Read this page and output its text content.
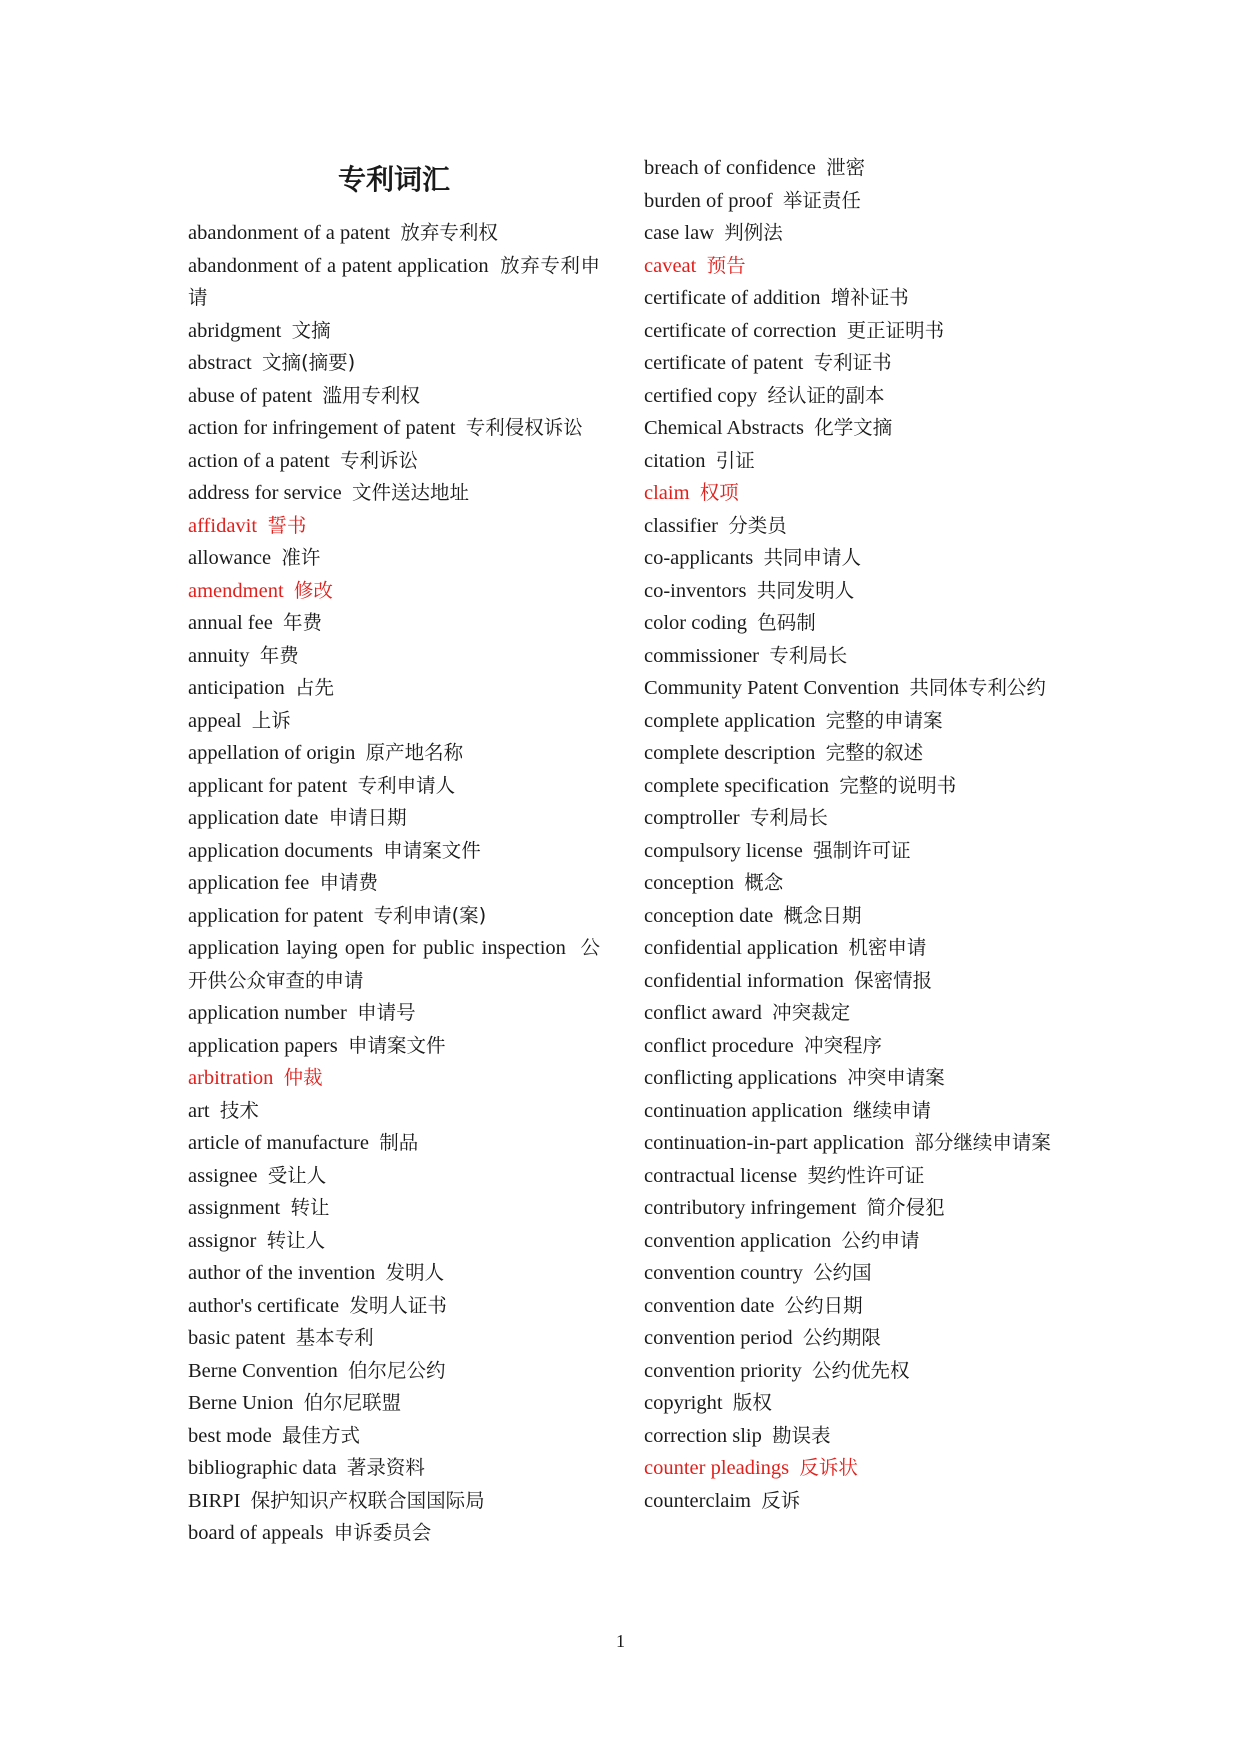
专利词汇
abandonment of a patent 放弃专利权
abandonment of a patent application 放弃专利申请
abridgment 文摘
abstract 文摘(摘要)
abuse of patent 滥用专利权
action for infringement of patent 专利侵权诉讼
action of a patent 专利诉讼
address for service 文件送达地址
affidavit 誓书
allowance 准许
amendment 修改
annual fee 年费
annuity 年费
anticipation 占先
appeal 上诉
appellation of origin 原产地名称
applicant for patent 专利申请人
application date 申请日期
application documents 申请案文件
application fee 申请费
application for patent 专利申请(案)
application laying open for public inspection 公开供公众审查的申请
application number 申请号
application papers 申请案文件
arbitration 仲裁
art 技术
article of manufacture 制品
assignee 受让人
assignment 转让
assignor 转让人
author of the invention 发明人
author's certificate 发明人证书
basic patent 基本专利
Berne Convention 伯尔尼公约
Berne Union 伯尔尼联盟
best mode 最佳方式
bibliographic data 著录资料
BIRPI 保护知识产权联合国国际局
board of appeals 申诉委员会
breach of confidence 泄密
burden of proof 举证责任
case law 判例法
caveat 预告
certificate of addition 增补证书
certificate of correction 更正证明书
certificate of patent 专利证书
certified copy 经认证的副本
Chemical Abstracts 化学文摘
citation 引证
claim 权项
classifier 分类员
co-applicants 共同申请人
co-inventors 共同发明人
color coding 色码制
commissioner 专利局长
Community Patent Convention 共同体专利公约
complete application 完整的申请案
complete description 完整的叙述
complete specification 完整的说明书
comptroller 专利局长
compulsory license 强制许可证
conception 概念
conception date 概念日期
confidential application 机密申请
confidential information 保密情报
conflict award 冲突裁定
conflict procedure 冲突程序
conflicting applications 冲突申请案
continuation application 继续申请
continuation-in-part application 部分继续申请案
contractual license 契约性许可证
contributory infringement 简介侵犯
convention application 公约申请
convention country 公约国
convention date 公约日期
convention period 公约期限
convention priority 公约优先权
copyright 版权
correction slip 勘误表
counter pleadings 反诉状
counterclaim 反诉
1
